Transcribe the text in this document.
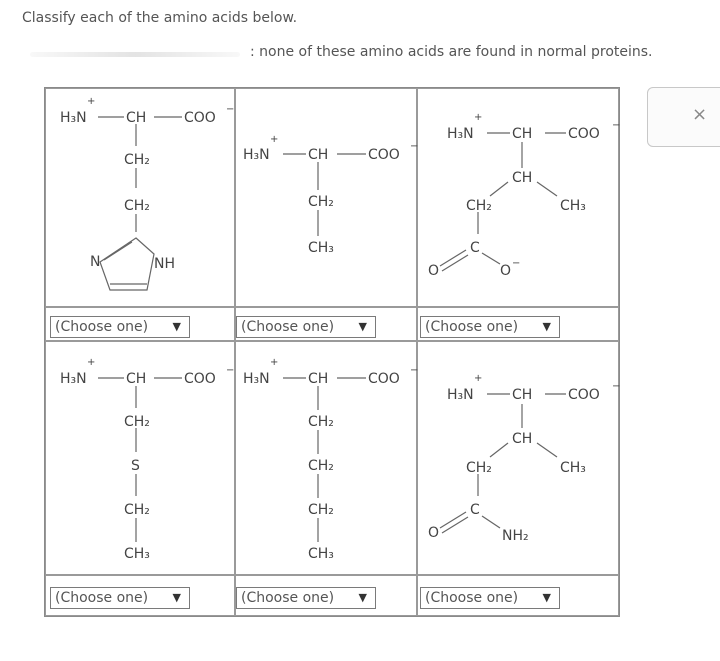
Classify each of the amino acids below.
: none of these amino acids are found in normal proteins.
×
(Choose one) ▼	(Choose one) ▼	(Choose one) ▼
(Choose one) ▼	(Choose one) ▼	(Choose one) ▼
+
H₃N	CH	COO
−
CH₂
CH₂
N	NH
+
H₃N	CH	COO
−
CH₂
CH₃
+
H₃N	CH	COO
−
CH
CH₂	CH₃
C
O	O −
+
H₃N	CH	COO
−
CH₂
S
CH₂
CH₃
+
H₃N	CH	COO
−
CH₂
CH₂
CH₂
CH₃
+
H₃N	CH	COO
−
CH
CH₂	CH₃
C
O	NH₂
